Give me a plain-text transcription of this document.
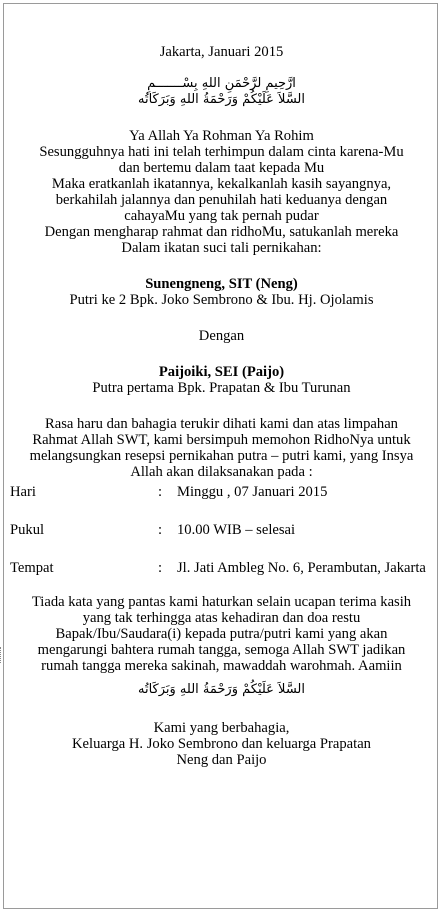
Jakarta, Januari 2015
ارَّحِيمِ لرَّحْمَنِ اللهِ بِسْـــــــمِ
السَّلاَ عَلَيْكُمْ وَرَحْمَةُ اللهِ وَبَرَكَاتُه
Ya Allah Ya Rohman Ya Rohim
Sesungguhnya hati ini telah terhimpun dalam cinta karena-Mu
dan bertemu dalam taat kepada Mu
Maka eratkanlah ikatannya, kekalkanlah kasih sayangnya,
berkahilah jalannya dan penuhilah hati keduanya dengan
cahayaMu yang tak pernah pudar
Dengan mengharap rahmat dan ridhoMu, satukanlah mereka
Dalam ikatan suci tali pernikahan:
Sunengneng, SIT (Neng)
Putri ke 2 Bpk. Joko Sembrono & Ibu. Hj. Ojolamis
Dengan
Paijoiki, SEI (Paijo)
Putra pertama Bpk. Prapatan & Ibu Turunan
Rasa haru dan bahagia terukir dihati kami dan atas limpahan
Rahmat Allah SWT, kami bersimpuh memohon RidhoNya untuk
melangsungkan resepsi pernikahan putra – putri kami, yang Insya
Allah akan dilaksanakan pada :
Hari	: Minggu , 07 Januari 2015
Pukul	: 10.00 WIB – selesai
Tempat	: Jl. Jati Ambleg No. 6, Perambutan, Jakarta
Tiada kata yang pantas kami haturkan selain ucapan terima kasih
yang tak terhingga atas kehadiran dan doa restu
Bapak/Ibu/Saudara(i) kepada putra/putri kami yang akan
mengarungi bahtera rumah tangga, semoga Allah SWT jadikan
rumah tangga mereka sakinah, mawaddah warohmah. Aamiin
السَّلاَ عَلَيْكُمْ وَرَحْمَةُ اللهِ وَبَرَكَاتُه
Kami yang berbahagia,
Keluarga H. Joko Sembrono dan keluarga Prapatan
Neng dan Paijo
